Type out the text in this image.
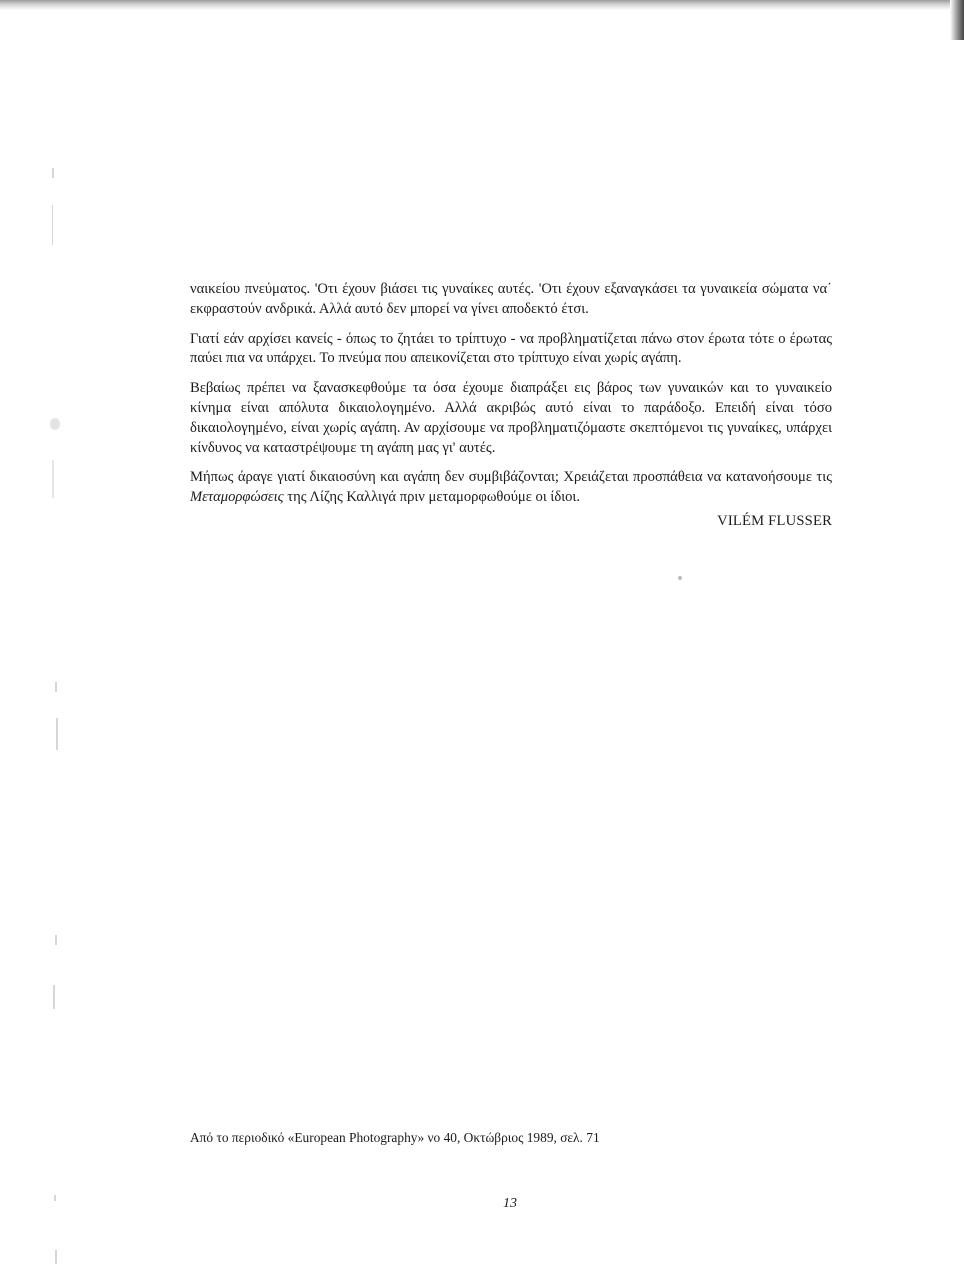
ναικείου πνεύματος. 'Οτι έχουν βιάσει τις γυναίκες αυτές. 'Οτι έχουν εξαναγκάσει τα γυναικεία σώματα να΄ εκφραστούν ανδρικά. Αλλά αυτό δεν μπορεί να γίνει αποδεκτό έτσι.

Γιατί εάν αρχίσει κανείς - όπως το ζητάει το τρίπτυχο - να προβληματίζεται πάνω στον έρωτα τότε ο έρωτας παύει πια να υπάρχει. Το πνεύμα που απεικονίζεται στο τρίπτυχο είναι χωρίς αγάπη.

Βεβαίως πρέπει να ξανασκεφθούμε τα όσα έχουμε διαπράξει εις βάρος των γυναικών και το γυναικείο κίνημα είναι απόλυτα δικαιολογημένο. Αλλά ακριβώς αυτό είναι το παράδοξο. Επειδή είναι τόσο δικαιολογημένο, είναι χωρίς αγάπη. Αν αρχίσουμε να προβληματιζόμαστε σκεπτόμενοι τις γυναίκες, υπάρχει κίνδυνος να καταστρέψουμε τη αγάπη μας γι' αυτές.

Μήπως άραγε γιατί δικαιοσύνη και αγάπη δεν συμβιβάζονται; Χρειάζεται προσπάθεια να κατανοήσουμε τις Μεταμορφώσεις της Λίζης Καλλιγά πριν μεταμορφωθούμε οι ίδιοι.

VILÉM FLUSSER
Από το περιοδικό «European Photography» νο 40, Οκτώβριος 1989, σελ. 71
13
